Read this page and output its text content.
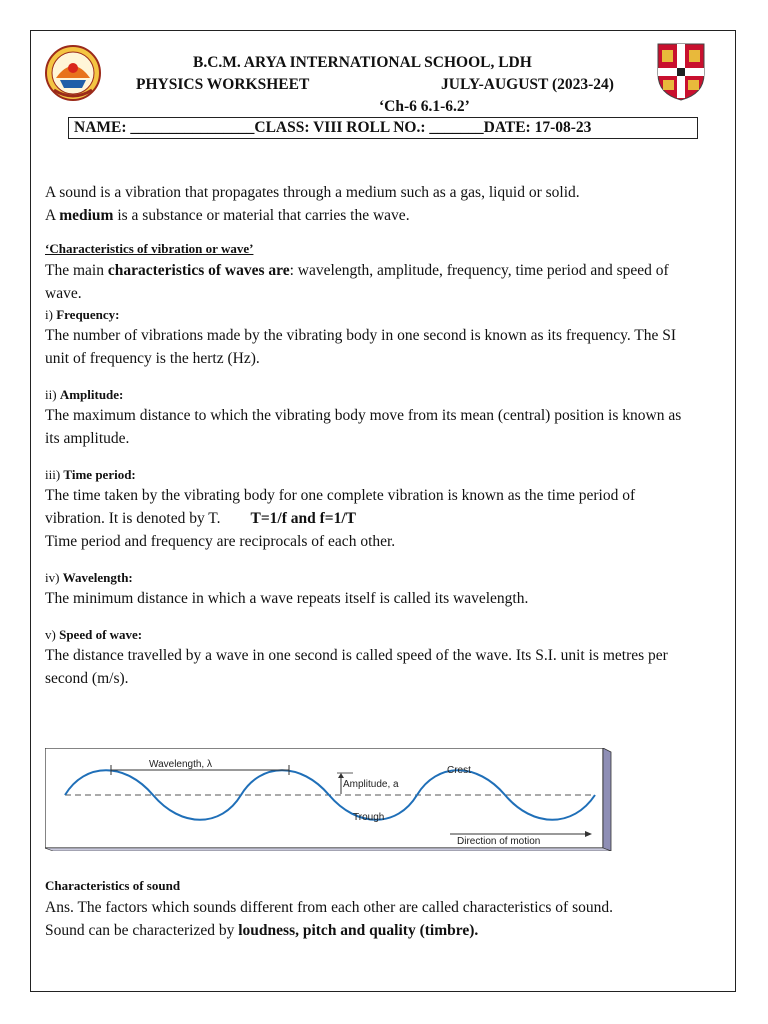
B.C.M. ARYA INTERNATIONAL SCHOOL, LDH
PHYSICS WORKSHEET	JULY-AUGUST (2023-24)
‘Ch-6 6.1-6.2’
NAME: ________________CLASS: VIII ROLL NO.: _______DATE: 17-08-23

A sound is a vibration that propagates through a medium such as a gas, liquid or solid.

A medium is a substance or material that carries the wave.

‘Characteristics of vibration or wave’

The main characteristics of waves are: wavelength, amplitude, frequency, time period and speed of wave.

i) Frequency:

The number of vibrations made by the vibrating body in one second is known as its frequency. The SI unit of frequency is the hertz (Hz).

ii) Amplitude:

The maximum distance to which the vibrating body move from its mean (central) position is known as its amplitude.

iii) Time period:

The time taken by the vibrating body for one complete vibration is known as the time period of vibration. It is denoted by T. T=1/f and f=1/T

Time period and frequency are reciprocals of each other.

iv) Wavelength:

The minimum distance in which a wave repeats itself is called its wavelength.

v) Speed of wave:

The distance travelled by a wave in one second is called speed of the wave. Its S.I. unit is metres per second (m/s).

Wavelength, λ
Amplitude, a
Crest
Trough
Direction of motion

Characteristics of sound

Ans. The factors which sounds different from each other are called characteristics of sound.

Sound can be characterized by loudness, pitch and quality (timbre).
